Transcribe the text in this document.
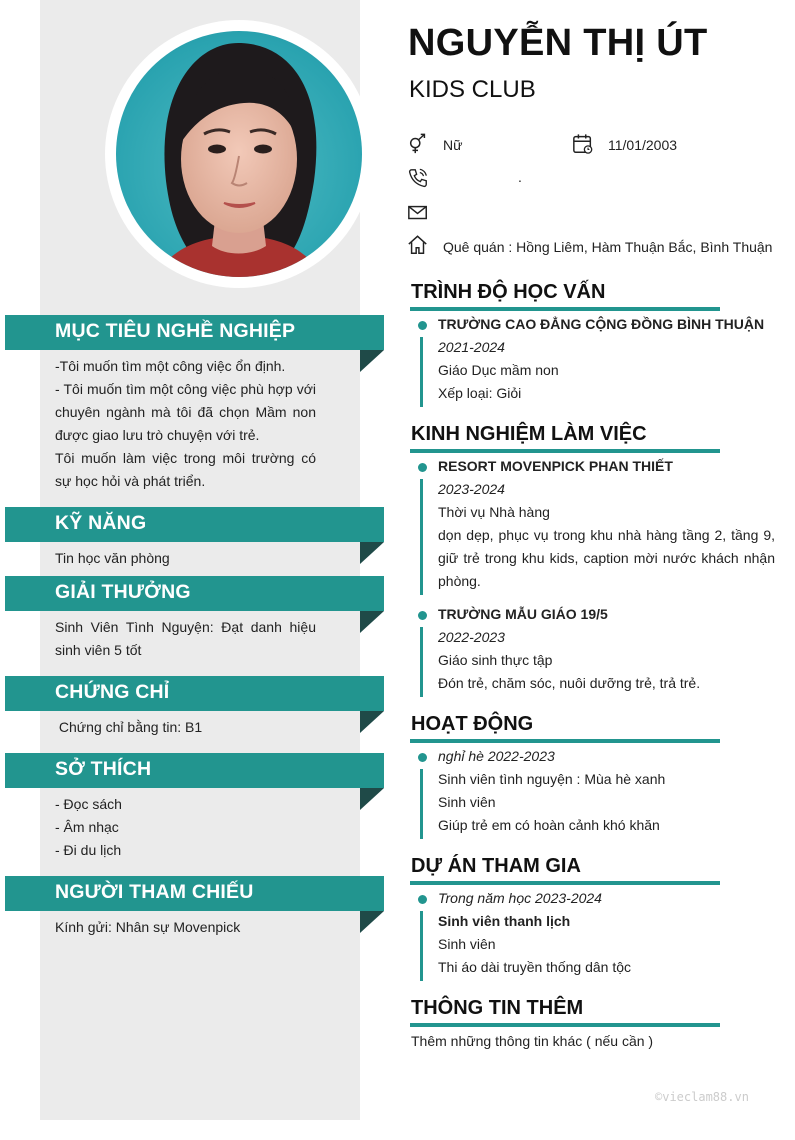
MỤC TIÊU NGHỀ NGHIỆP
-Tôi muốn tìm một công việc ổn định.
- Tôi muốn tìm một công việc phù hợp với chuyên ngành mà tôi đã chọn Mầm non được giao lưu trò chuyện với trẻ.
Tôi muốn làm việc trong môi trường có sự học hỏi và phát triển.
KỸ NĂNG
Tin học văn phòng
GIẢI THƯỞNG
Sinh Viên Tình Nguyện: Đạt danh hiệu sinh viên 5 tốt
CHỨNG CHỈ
Chứng chỉ bằng tin: B1
SỞ THÍCH
- Đọc sách
- Âm nhạc
- Đi du lịch
NGƯỜI THAM CHIẾU
Kính gửi: Nhân sự Movenpick
NGUYỄN THỊ ÚT
KIDS CLUB
Nữ	11/01/2003
.
Quê quán : Hồng Liêm, Hàm Thuận Bắc, Bình Thuận
TRÌNH ĐỘ HỌC VẤN
TRƯỜNG CAO ĐẲNG CỘNG ĐỒNG BÌNH THUẬN
2021-2024
Giáo Dục mầm non
Xếp loại: Giỏi
KINH NGHIỆM LÀM VIỆC
RESORT MOVENPICK PHAN THIẾT
2023-2024
Thời vụ Nhà hàng
dọn dẹp, phục vụ trong khu nhà hàng tầng 2, tầng 9, giữ trẻ trong khu kids, caption mời nước khách nhận phòng.
TRƯỜNG MẪU GIÁO 19/5
2022-2023
Giáo sinh thực tập
Đón trẻ, chăm sóc, nuôi dưỡng trẻ, trả trẻ.
HOẠT ĐỘNG
nghỉ hè 2022-2023
Sinh viên tình nguyện : Mùa hè xanh
Sinh viên
Giúp trẻ em có hoàn cảnh khó khăn
DỰ ÁN THAM GIA
Trong năm học 2023-2024
Sinh viên thanh lịch
Sinh viên
Thi áo dài truyền thống dân tộc
THÔNG TIN THÊM
Thêm những thông tin khác ( nếu cần )
©vieclam88.vn
